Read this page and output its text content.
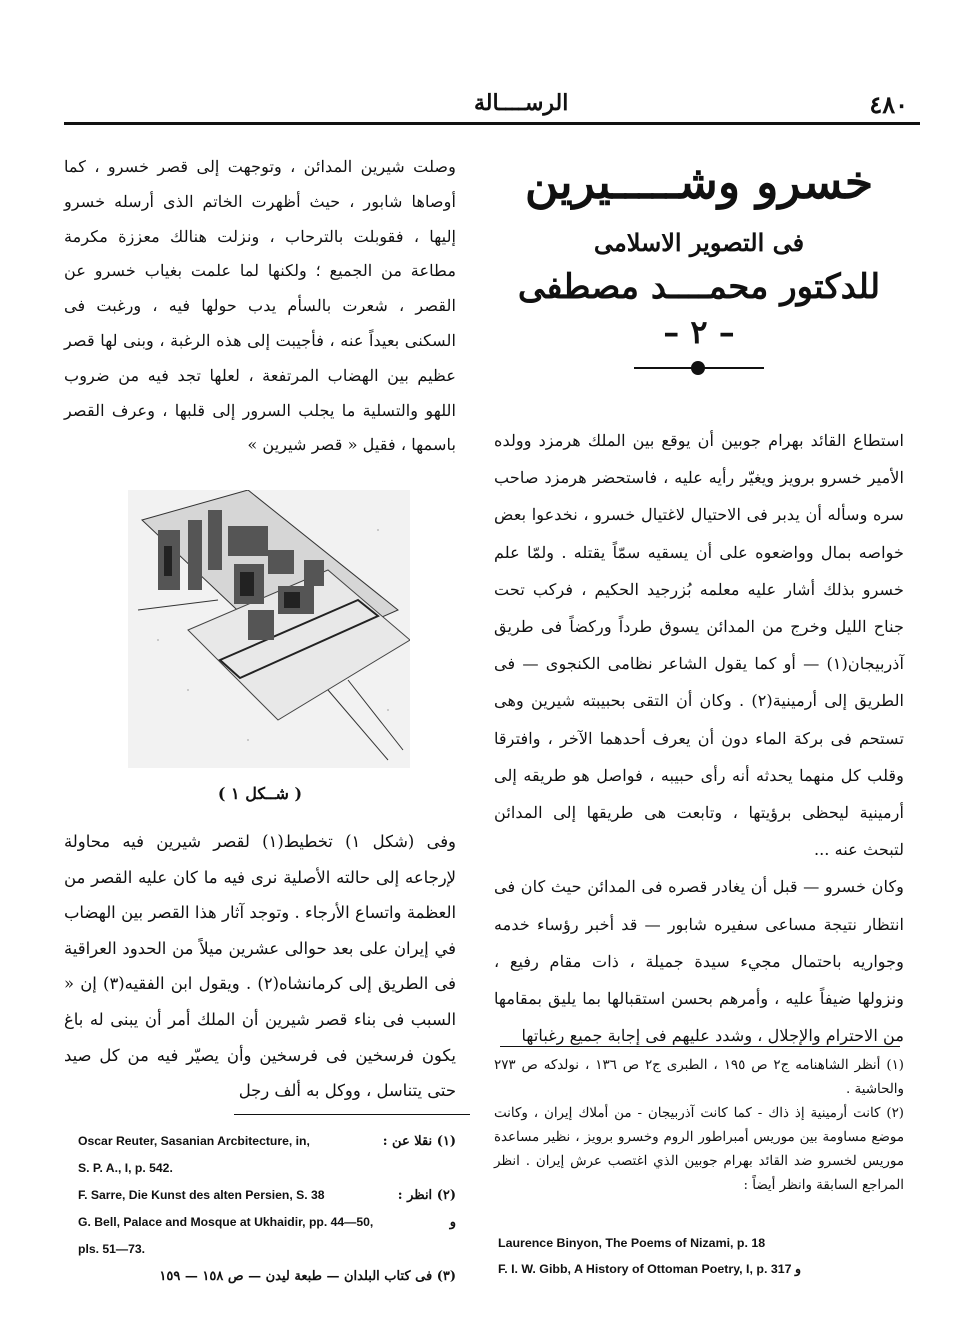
٤٨٠
الرســــالة
خسرو وشـــــيرين
فى التصوير الاسلامى
للدكتور محمــــد مصطفى
– ٢ –

استطاع القائد بهرام جوبين أن يوقع بين الملك هرمزد وولده الأمير خسرو برويز ويغيّر رأيه عليه ، فاستحضر هرمزد صاحب سره وسأله أن يدبر فى الاحتيال لاغتيال خسرو ، نخدعوا بعض خواصه بمال وواضعوه على أن يسقيه سمّاً يقتله . ولمّا علم خسرو بذلك أشار عليه معلمه بُزرجيد الحكيم ، فركب تحت جناح الليل وخرج من المدائن يسوق طرداً وركضاً فى طريق آذربيجان(١) — أو كما يقول الشاعر نظامى الكنجوى — فى الطريق إلى أرمينية(٢) . وكان أن التقى بحبيبته شيرين وهى تستحم فى بركة الماء دون أن يعرف أحدهما الآخر ، وافترقا وقلب كل منهما يحدثه أنه رأى حبيبه ، فواصل هو طريقه إلى أرمينية ليحظى برؤيتها ، وتابعت هى طريقها إلى المدائن لتبحث عنه ...

وكان خسرو — قبل أن يغادر قصره فى المدائن حيث كان فى انتظار نتيجة مساعى سفيره شابور — قد أخبر رؤساء خدمه وجواريه باحتمال مجيء سيدة جميلة ، ذات مقام رفيع ، ونزولها ضيفاً عليه ، وأمرهم بحسن استقبالها بما يليق بمقامها من الاحترام والإجلال ، وشدد عليهم فى إجابة جميع رغباتها

(١) أنظر الشاهنامه ج٢ ص ١٩٥ ، الطبرى ج٢ ص ١٣٦ ، نولدكه ص ٢٧٣ والحاشية .

(٢) كانت أرمينية إذ ذاك - كما كانت آذربيجان - من أملاك إيران ، وكانت موضع مساومة بين موريس أمبراطور الروم وخسرو برويز ، نظير مساعدة موريس لخسرو ضد القائد بهرام جوبين الذي اغتصب عرش إيران . انظر المراجع السابقة وانظر أيضاً :

Laurence Binyon, The Poems of Nizami, p. 18
F. I. W. Gibb, A History of Ottoman Poetry, I, p. 317 و

وصلت شيرين المدائن ، وتوجهت إلى قصر خسرو ، كما أوصاها شابور ، حيث أظهرت الخاتم الذى أرسله خسرو إليها ، فقوبلت بالترحاب ، ونزلت هنالك معززة مكرمة مطاعة من الجميع ؛ ولكنها لما علمت بغياب خسرو عن القصر ، شعرت بالسأم يدب حولها فيه ، ورغبت فى السكنى بعيداً عنه ، فأجيبت إلى هذه الرغبة ، وبنى لها قصر عظيم بين الهضاب المرتفعة ، لعلها تجد فيه من ضروب اللهو والتسلية ما يجلب السرور إلى قلبها ، وعرف القصر باسمها ، فقيل « قصر شيرين »

( شــكل ١ )

وفى (شكل ١) تخطيط(١) لقصر شيرين فيه محاولة لإرجاعه إلى حالته الأصلية نرى فيه ما كان عليه القصر من العظمة واتساع الأرجاء . وتوجد آثار هذا القصر بين الهضاب في إيران على بعد حوالى عشرين ميلاً من الحدود العراقية فى الطريق إلى كرمانشاه(٢) . ويقول ابن الفقيه(٣) إن « السبب فى بناء قصر شيرين أن الملك أمر أن يبنى له باغ يكون فرسخين فى فرسخين وأن يصيّر فيه من كل صيد حتى يتناسل ، ووكل به ألف رجل

(١) نقلا عن :
Oscar Reuter, Sasanian Arcbitecture, in,
S. P. A., I, p. 542.
(٢) انظر :
F. Sarre, Die Kunst des alten Persien, S. 38
و
G. Bell, Palace and Mosque at Ukhaidir, pp. 44—50,
pls. 51—73.
(٣) فى كتاب البلدان — طبعة ليدن — ص ١٥٨ — ١٥٩
